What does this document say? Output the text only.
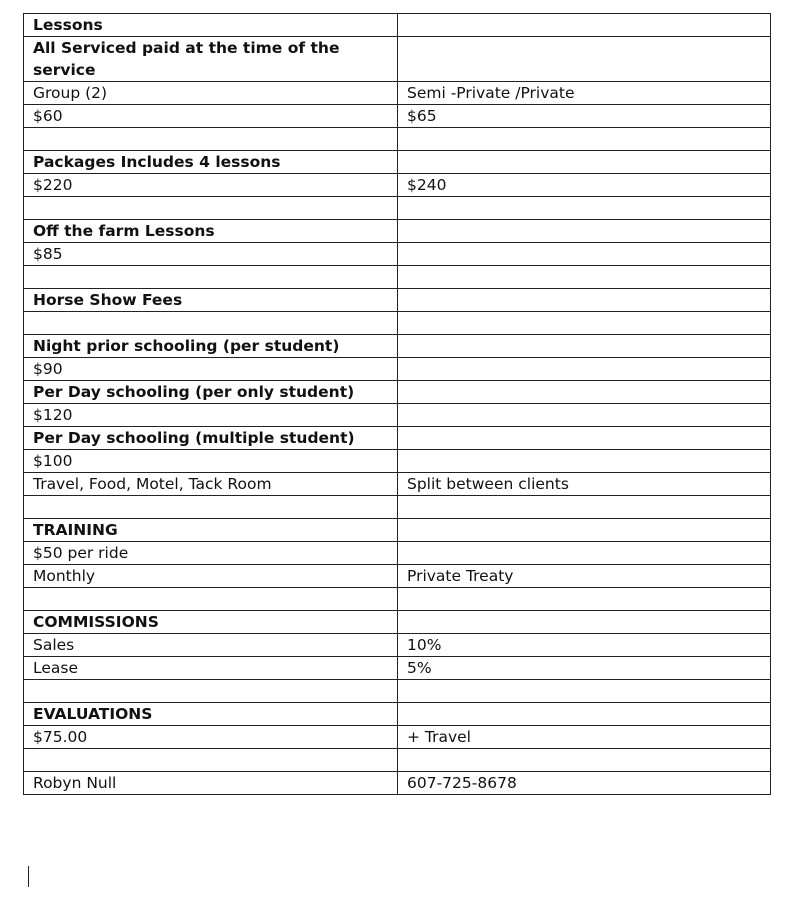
Lessons	
All Serviced paid at the time of the service	
Group (2)	Semi -Private /Private
$60	$65

Packages Includes 4 lessons	
$220	$240

Off the farm Lessons	
$85	

Horse Show Fees	

Night prior schooling (per student)	
$90	
Per Day schooling (per only student)	
$120	
Per Day schooling (multiple student)	
$100	
Travel, Food, Motel, Tack Room	Split between clients

TRAINING	
$50 per ride	
Monthly	Private Treaty

COMMISSIONS	
Sales	10%
Lease	5%

EVALUATIONS	
$75.00	+ Travel

Robyn Null	607-725-8678
